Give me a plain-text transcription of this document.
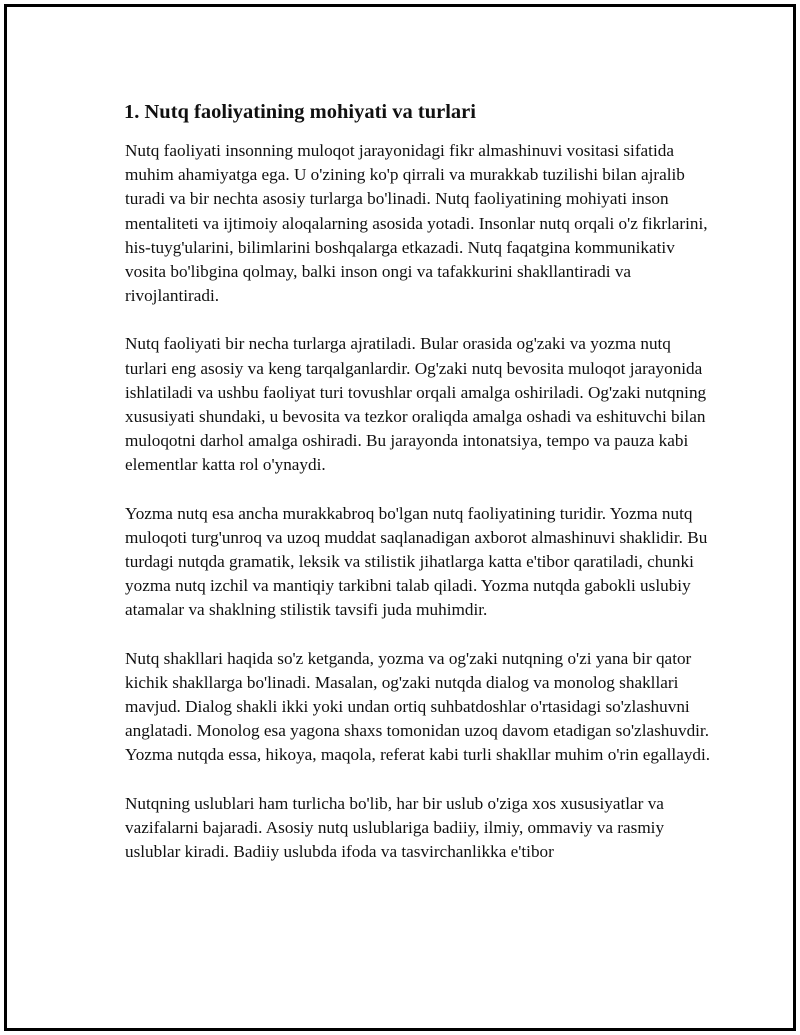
1. Nutq faoliyatining mohiyati va turlari

Nutq faoliyati insonning muloqot jarayonidagi fikr almashinuvi vositasi sifatida muhim ahamiyatga ega. U o'zining ko'p qirrali va murakkab tuzilishi bilan ajralib turadi va bir nechta asosiy turlarga bo'linadi. Nutq faoliyatining mohiyati inson mentaliteti va ijtimoiy aloqalarning asosida yotadi. Insonlar nutq orqali o'z fikrlarini, his-tuyg'ularini, bilimlarini boshqalarga etkazadi. Nutq faqatgina kommunikativ vosita bo'libgina qolmay, balki inson ongi va tafakkurini shakllantiradi va rivojlantiradi.

Nutq faoliyati bir necha turlarga ajratiladi. Bular orasida og'zaki va yozma nutq turlari eng asosiy va keng tarqalganlardir. Og'zaki nutq bevosita muloqot jarayonida ishlatiladi va ushbu faoliyat turi tovushlar orqali amalga oshiriladi. Og'zaki nutqning xususiyati shundaki, u bevosita va tezkor oraliqda amalga oshadi va eshituvchi bilan muloqotni darhol amalga oshiradi. Bu jarayonda intonatsiya, tempo va pauza kabi elementlar katta rol o'ynaydi.

Yozma nutq esa ancha murakkabroq bo'lgan nutq faoliyatining turidir. Yozma nutq muloqoti turg'unroq va uzoq muddat saqlanadigan axborot almashinuvi shaklidir. Bu turdagi nutqda gramatik, leksik va stilistik jihatlarga katta e'tibor qaratiladi, chunki yozma nutq izchil va mantiqiy tarkibni talab qiladi. Yozma nutqda gabokli uslubiy atamalar va shaklning stilistik tavsifi juda muhimdir.

Nutq shakllari haqida so'z ketganda, yozma va og'zaki nutqning o'zi yana bir qator kichik shakllarga bo'linadi. Masalan, og'zaki nutqda dialog va monolog shakllari mavjud. Dialog shakli ikki yoki undan ortiq suhbatdoshlar o'rtasidagi so'zlashuvni anglatadi. Monolog esa yagona shaxs tomonidan uzoq davom etadigan so'zlashuvdir. Yozma nutqda essa, hikoya, maqola, referat kabi turli shakllar muhim o'rin egallaydi.

Nutqning uslublari ham turlicha bo'lib, har bir uslub o'ziga xos xususiyatlar va vazifalarni bajaradi. Asosiy nutq uslublariga badiiy, ilmiy, ommaviy va rasmiy uslublar kiradi. Badiiy uslubda ifoda va tasvirchanlikka e'tibor
